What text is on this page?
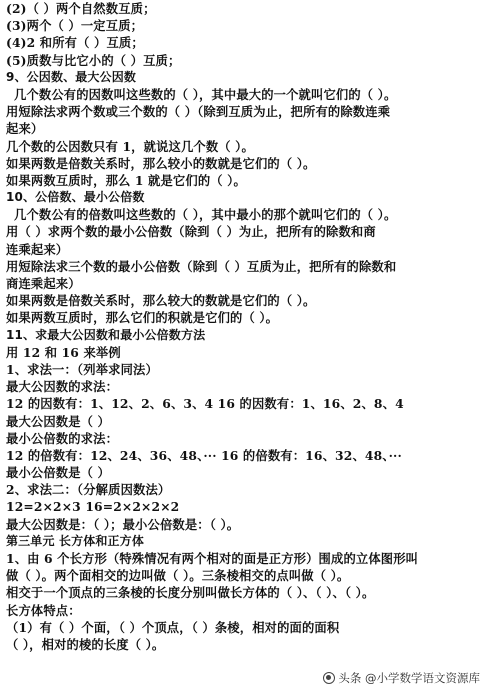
(2)（ ）两个自然数互质；
(3)两个（ ）一定互质；
(4)2 和所有（ ）互质；
(5)质数与比它小的（ ）互质；
9、公因数、最大公因数
几个数公有的因数叫这些数的（ ），其中最大的一个就叫它们的（ ）。
用短除法求两个数或三个数的（ ）（除到互质为止，把所有的除数连乘
起来）
几个数的公因数只有 1，就说这几个数（ ）。
如果两数是倍数关系时，那么较小的数就是它们的（ ）。
如果两数互质时，那么 1 就是它们的（ ）。
10、公倍数、最小公倍数
几个数公有的倍数叫这些数的（ ），其中最小的那个就叫它们的（ ）。
用（ ）求两个数的最小公倍数（除到（ ）为止，把所有的除数和商
连乘起来）
用短除法求三个数的最小公倍数（除到（ ）互质为止，把所有的除数和
商连乘起来）
如果两数是倍数关系时，那么较大的数就是它们的（ ）。
如果两数互质时，那么它们的积就是它们的（ ）。
11、求最大公因数和最小公倍数方法
用 12 和 16 来举例
1、求法一：（列举求同法）
最大公因数的求法：
12 的因数有：1、12、2、6、3、4 16 的因数有：1、16、2、8、4
最大公因数是（ ）
最小公倍数的求法：
12 的倍数有：12、24、36、48、··· 16 的倍数有：16、32、48、···
最小公倍数是（ ）
2、求法二：（分解质因数法）
12=2×2×3 16=2×2×2×2
最大公因数是：（ ）；最小公倍数是：（ ）。
第三单元 长方体和正方体
1、由 6 个长方形（特殊情况有两个相对的面是正方形）围成的立体图形叫
做（ ）。两个面相交的边叫做（ ）。三条棱相交的点叫做（ ）。
相交于一个顶点的三条棱的长度分别叫做长方体的（ ）、（ ）、（ ）。
长方体特点：
（1）有（ ）个面，（ ）个顶点，（ ）条棱，相对的面的面积
（ ），相对的棱的长度（ ）。
头条 @小学数学语文资源库
